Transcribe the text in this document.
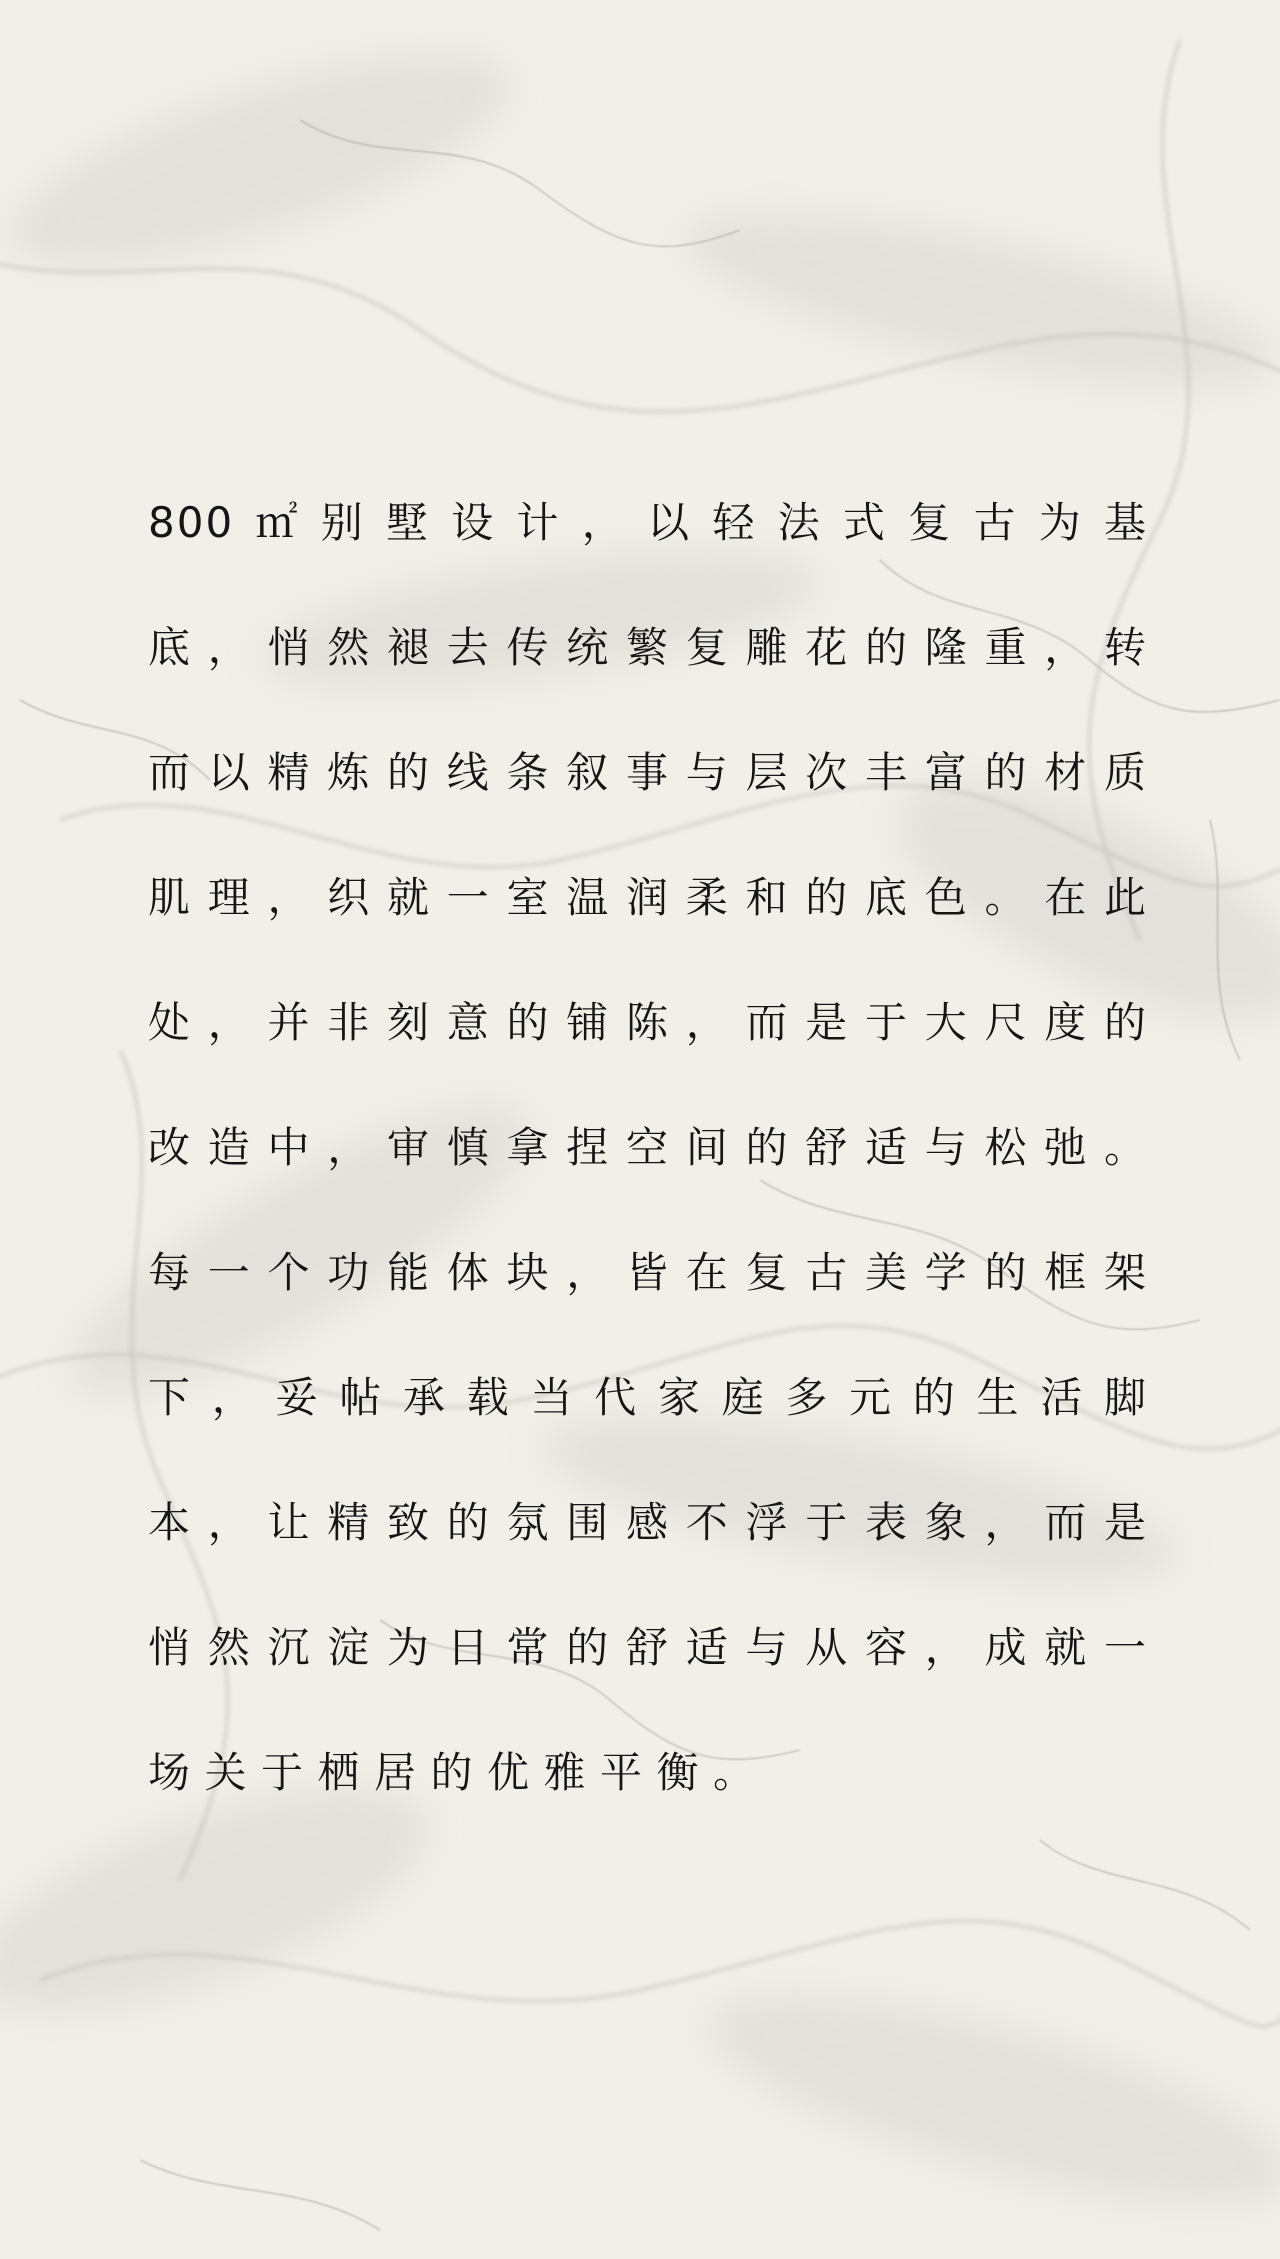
800㎡别墅设计，以轻法式复古为基
底，悄然褪去传统繁复雕花的隆重，转
而以精炼的线条叙事与层次丰富的材质
肌理，织就一室温润柔和的底色。在此
处，并非刻意的铺陈，而是于大尺度的
改造中，审慎拿捏空间的舒适与松弛。
每一个功能体块，皆在复古美学的框架
下，妥帖承载当代家庭多元的生活脚
本，让精致的氛围感不浮于表象，而是
悄然沉淀为日常的舒适与从容，成就一
场关于栖居的优雅平衡。
